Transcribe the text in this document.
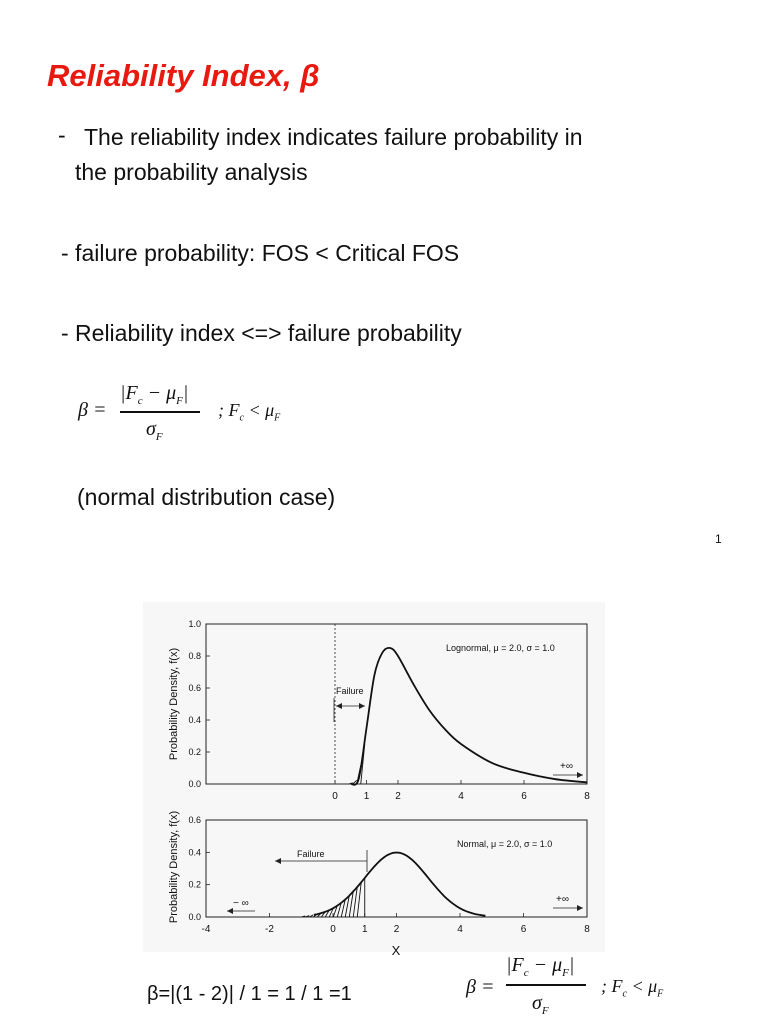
Reliability Index, β
- The reliability index indicates failure probability in
the probability analysis
- failure probability: FOS < Critical FOS
- Reliability index <=> failure probability
β =
$|F_c - \mu_F|$
$\sigma_F$
; $F_c < \mu_F$
(normal distribution case)
1
0.0
0.2
0.4
0.6
0.8
1.0
0	1	2	4	6	8
Probability Density, f(x)	Lognormal, μ = 2.0, σ = 1.0
Failure
+∞
0.0
0.2
0.4
0.6
-4	-2	0	1	2	4	6	8
Probability Density, f(x)	Normal, μ = 2.0, σ = 1.0
Failure
− ∞	+∞
X
β=|(1 - 2)| / 1 = 1 / 1 =1	β =
$|F_c - \mu_F|$
$\sigma_F$
; $F_c < \mu_F$
